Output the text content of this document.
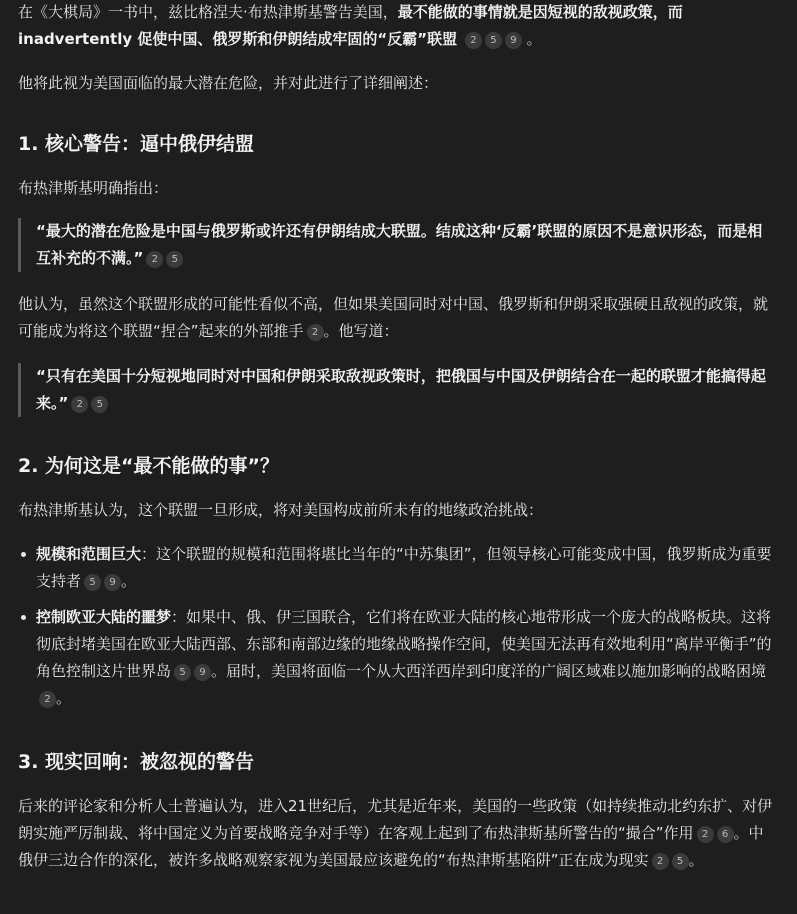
在《大棋局》一书中，兹比格涅夫·布热津斯基警告美国，最不能做的事情就是因短视的敌视政策，而
inadvertently 促使中国、俄罗斯和伊朗结成牢固的“反霸”联盟 2 5 9 。

他将此视为美国面临的最大潜在危险，并对此进行了详细阐述：

1. 核心警告：逼中俄伊结盟

布热津斯基明确指出：

“最大的潜在危险是中国与俄罗斯或许还有伊朗结成大联盟。结成这种‘反霸’联盟的原因不是意识形态，而是相互补充的不满。” 2 5

他认为，虽然这个联盟形成的可能性看似不高，但如果美国同时对中国、俄罗斯和伊朗采取强硬且敌视的政策，就可能成为将这个联盟“捏合”起来的外部推手 2 。他写道：

“只有在美国十分短视地同时对中国和伊朗采取敌视政策时，把俄国与中国及伊朗结合在一起的联盟才能搞得起来。” 2 5

2. 为何这是“最不能做的事”？

布热津斯基认为，这个联盟一旦形成，将对美国构成前所未有的地缘政治挑战：

规模和范围巨大：这个联盟的规模和范围将堪比当年的“中苏集团”，但领导核心可能变成中国，俄罗斯成为重要支持者 5 9 。
控制欧亚大陆的噩梦：如果中、俄、伊三国联合，它们将在欧亚大陆的核心地带形成一个庞大的战略板块。这将彻底封堵美国在欧亚大陆西部、东部和南部边缘的地缘战略操作空间，使美国无法再有效地利用“离岸平衡手”的角色控制这片世界岛 5 9 。届时，美国将面临一个从大西洋西岸到印度洋的广阔区域难以施加影响的战略困境2 。
3. 现实回响：被忽视的警告

后来的评论家和分析人士普遍认为，进入21世纪后，尤其是近年来，美国的一些政策（如持续推动北约东扩、对伊朗实施严厉制裁、将中国定义为首要战略竞争对手等）在客观上起到了布热津斯基所警告的“撮合”作用 2 6 。中俄伊三边合作的深化，被许多战略观察家视为美国最应该避免的“布热津斯基陷阱”正在成为现实 2 5 。
